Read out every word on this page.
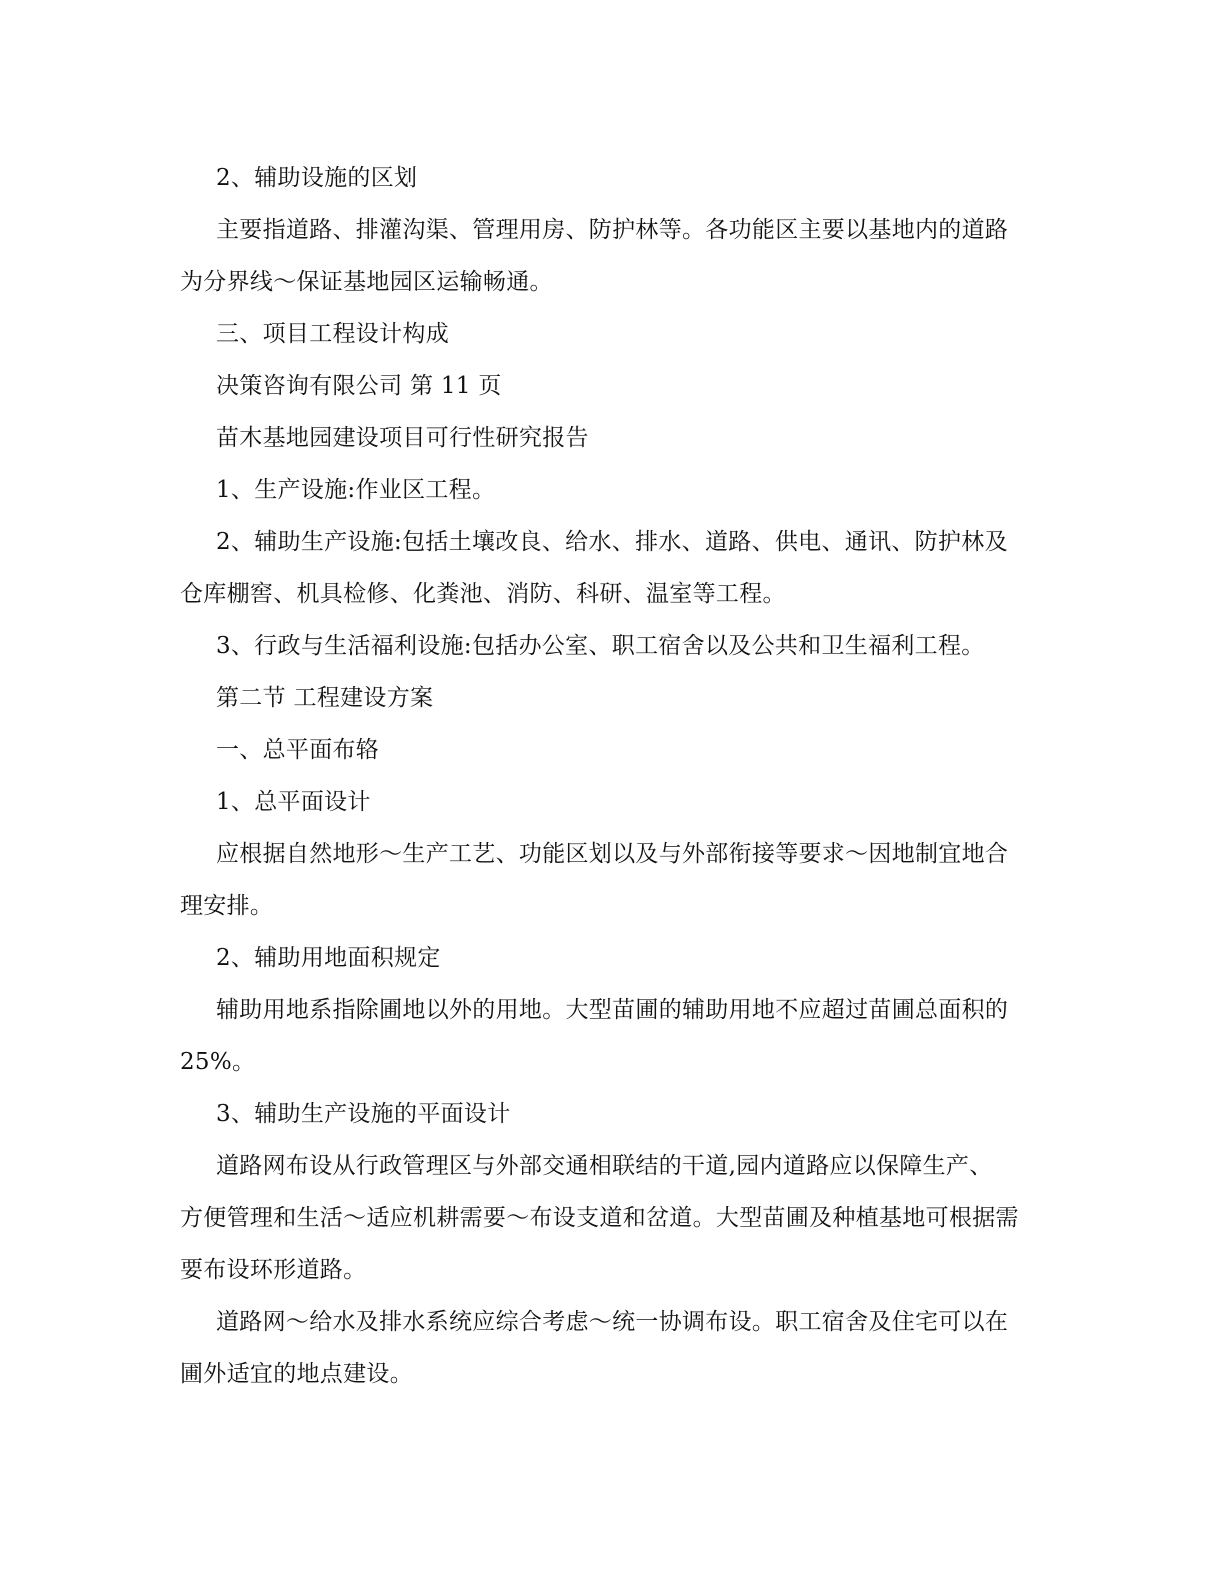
2、辅助设施的区划
主要指道路、排灌沟渠、管理用房、防护林等。各功能区主要以基地内的道路
为分界线～保证基地园区运输畅通。
三、项目工程设计构成
决策咨询有限公司 第 11 页
苗木基地园建设项目可行性研究报告
1、生产设施:作业区工程。
2、辅助生产设施:包括土壤改良、给水、排水、道路、供电、通讯、防护林及
仓库棚窖、机具检修、化粪池、消防、科研、温室等工程。
3、行政与生活福利设施:包括办公室、职工宿舍以及公共和卫生福利工程。
第二节 工程建设方案
一、总平面布辂
1、总平面设计
应根据自然地形～生产工艺、功能区划以及与外部衔接等要求～因地制宜地合
理安排。
2、辅助用地面积规定
辅助用地系指除圃地以外的用地。大型苗圃的辅助用地不应超过苗圃总面积的
25%。
3、辅助生产设施的平面设计
道路网布设从行政管理区与外部交通相联结的干道,园内道路应以保障生产、
方便管理和生活～适应机耕需要～布设支道和岔道。大型苗圃及种植基地可根据需
要布设环形道路。
道路网～给水及排水系统应综合考虑～统一协调布设。职工宿舍及住宅可以在
圃外适宜的地点建设。
